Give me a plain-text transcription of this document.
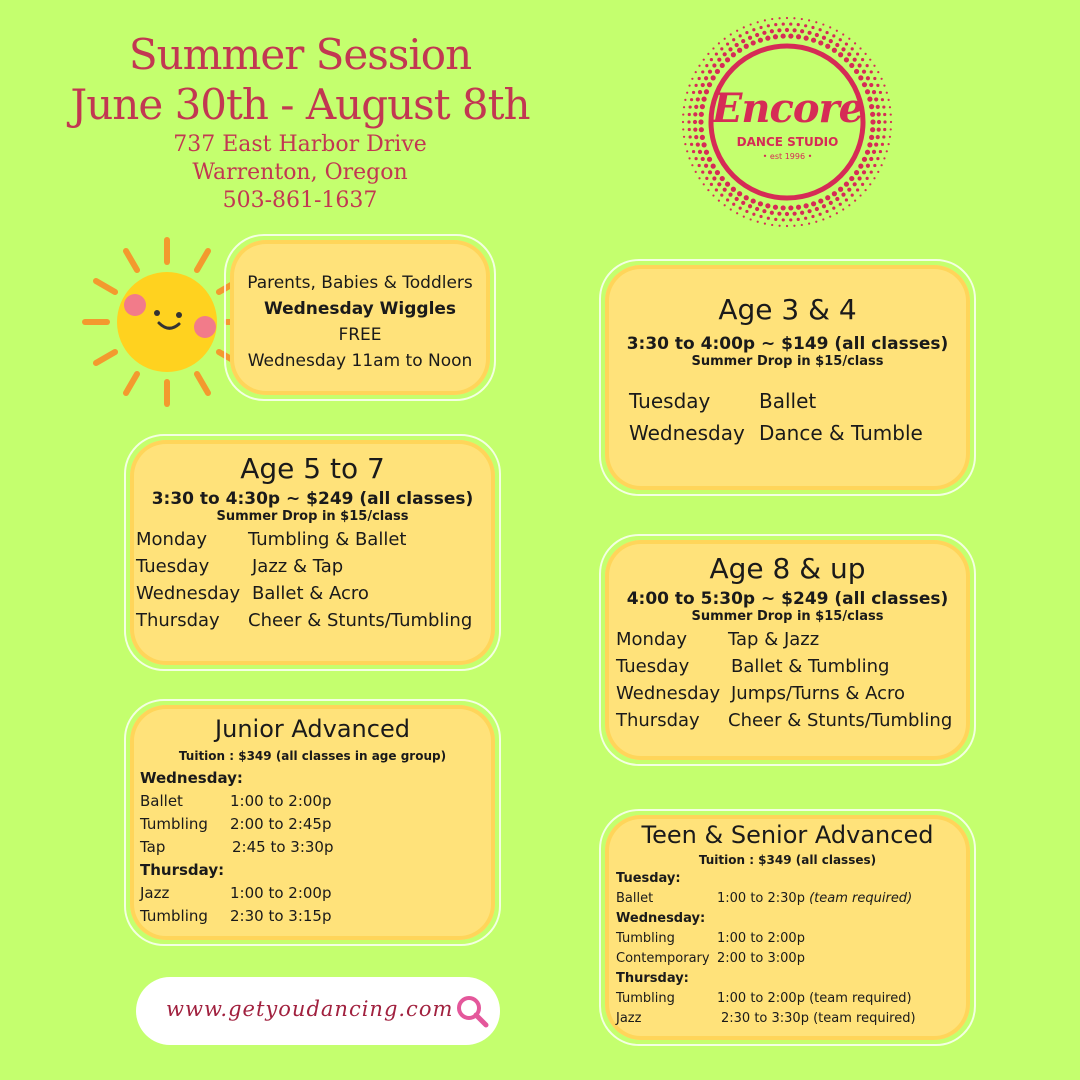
Summer Session
June 30th - August 8th
737 East Harbor Drive
Warrenton, Oregon
503-861-1637
Encore
DANCE STUDIO
• est 1996 •
Parents, Babies & Toddlers
Wednesday Wiggles
FREE
Wednesday 11am to Noon
Age 3 & 4
3:30 to 4:00p ~ $149 (all classes)
Summer Drop in $15/class
Tuesday	Ballet
Wednesday Dance & Tumble
Age 5 to 7
3:30 to 4:30p ~ $249 (all classes)
Summer Drop in $15/class
Monday	Tumbling & Ballet
Tuesday	Jazz & Tap
Wednesday Ballet & Acro
Thursday	Cheer & Stunts/Tumbling
Age 8 & up
4:00 to 5:30p ~ $249 (all classes)
Summer Drop in $15/class
Monday	Tap & Jazz
Tuesday	Ballet & Tumbling
Wednesday Jumps/Turns & Acro
Thursday	Cheer & Stunts/Tumbling
Junior Advanced
Tuition : $349 (all classes in age group)
Wednesday:
Ballet	1:00 to 2:00p
Tumbling	2:00 to 2:45p
Tap	2:45 to 3:30p
Thursday:
Jazz	1:00 to 2:00p
Tumbling	2:30 to 3:15p
Teen & Senior Advanced
Tuition : $349 (all classes)
Tuesday:
Ballet	1:00 to 2:30p
(team required)
Wednesday:
Tumbling	1:00 to 2:00p
Contemporary 2:00 to 3:00p
Thursday:
Tumbling	1:00 to 2:00p
(team required)
Jazz	2:30 to 3:30p
(team required)
www.getyoudancing.com
